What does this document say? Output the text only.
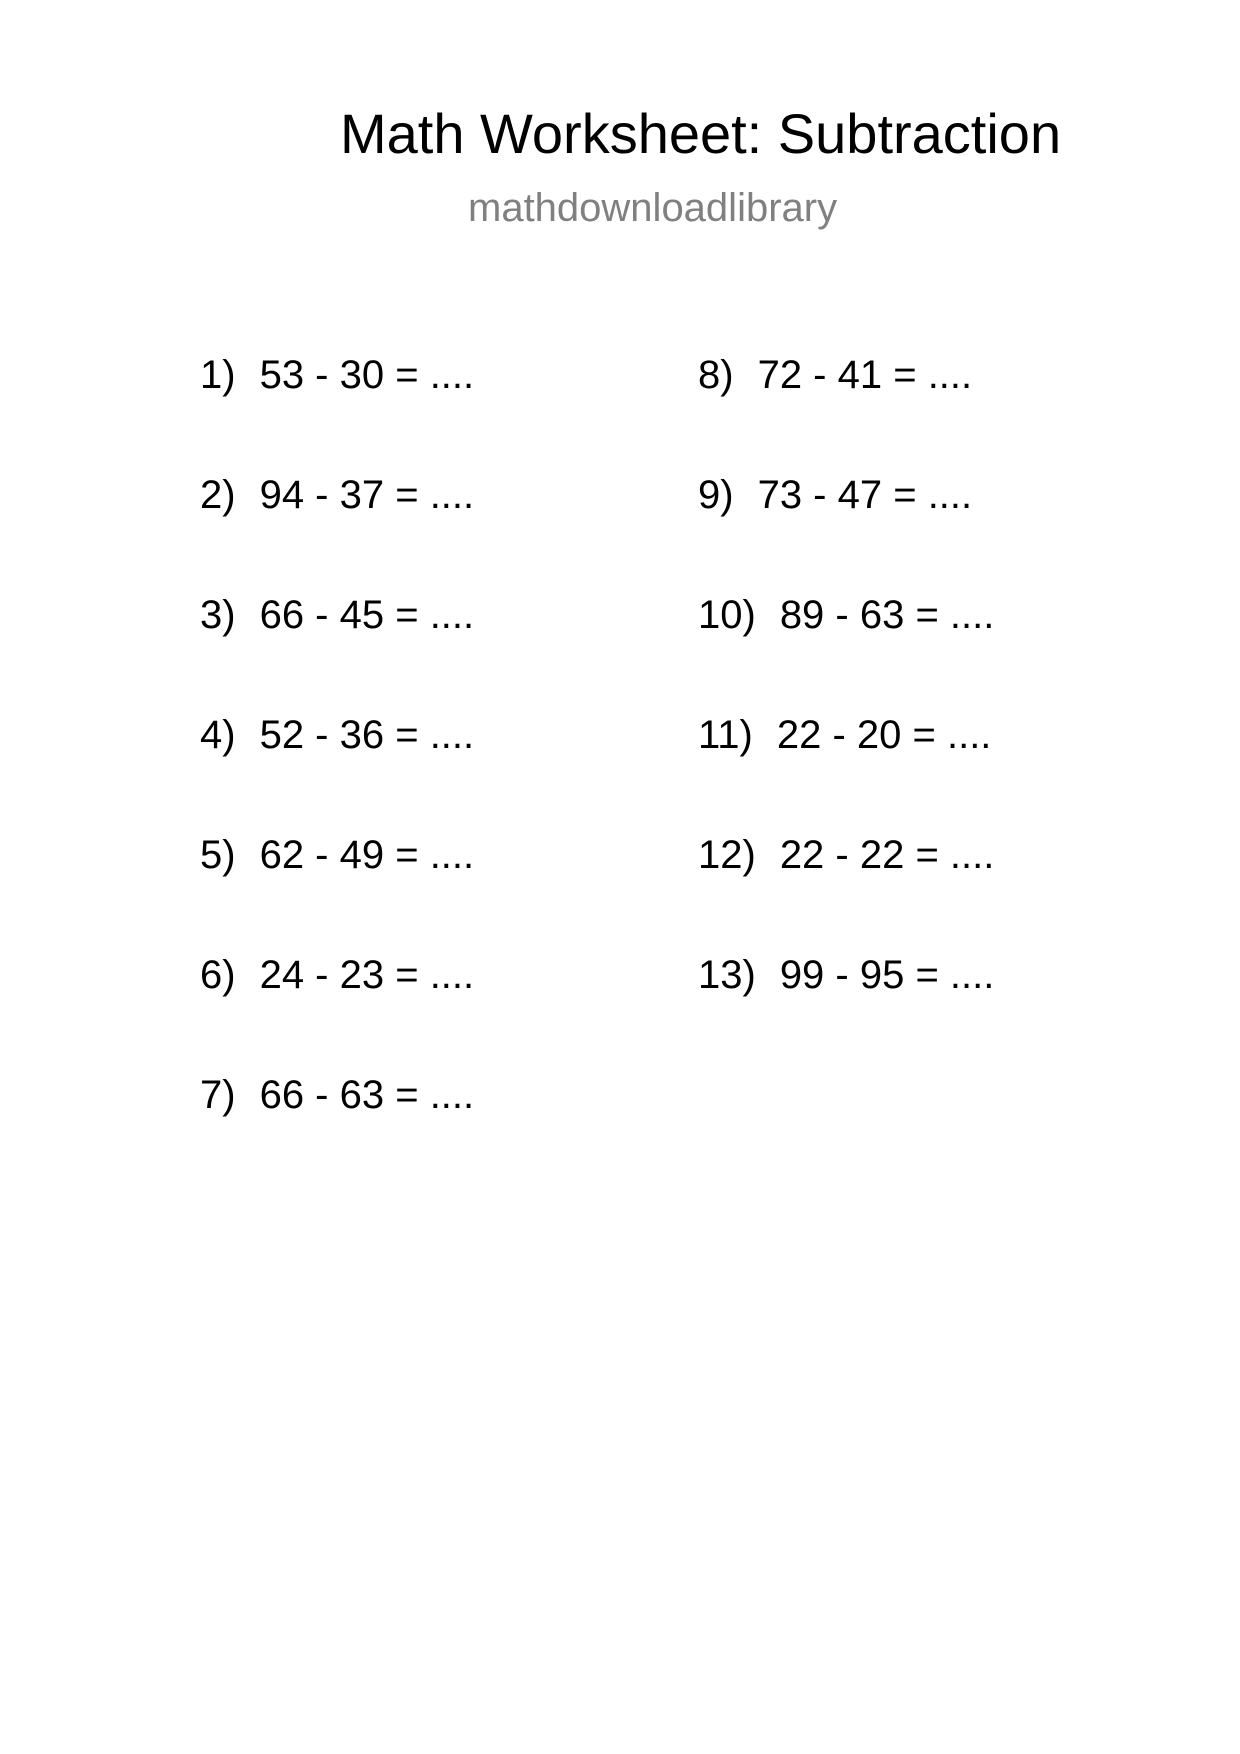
Math Worksheet: Subtraction
mathdownloadlibrary
1) 53 - 30 = ....
2) 94 - 37 = ....
3) 66 - 45 = ....
4) 52 - 36 = ....
5) 62 - 49 = ....
6) 24 - 23 = ....
7) 66 - 63 = ....
8) 72 - 41 = ....
9) 73 - 47 = ....
10) 89 - 63 = ....
11) 22 - 20 = ....
12) 22 - 22 = ....
13) 99 - 95 = ....
